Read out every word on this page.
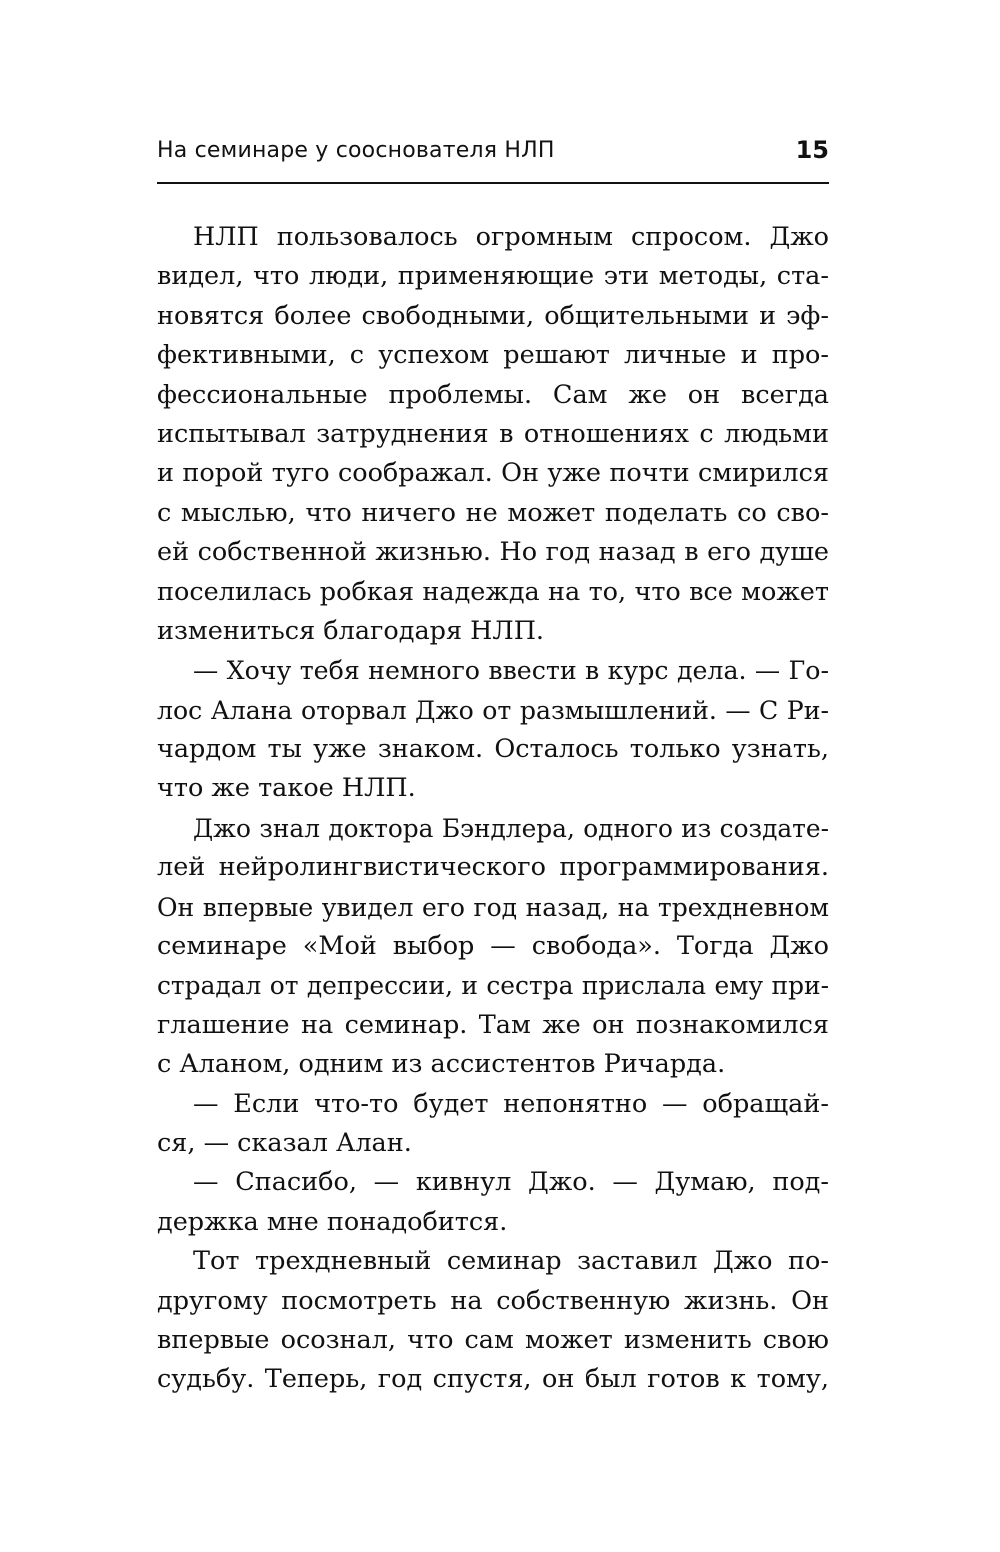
На семинаре у сооснователя НЛП	15
НЛП пользовалось огромным спросом. Джо
видел, что люди, применяющие эти методы, ста-
новятся более свободными, общительными и эф-
фективными, с успехом решают личные и про-
фессиональные проблемы. Сам же он всегда
испытывал затруднения в отношениях с людьми
и порой туго соображал. Он уже почти смирился
с мыслью, что ничего не может поделать со сво-
ей собственной жизнью. Но год назад в его душе
поселилась робкая надежда на то, что все может
измениться благодаря НЛП.
— Хочу тебя немного ввести в курс дела. — Го-
лос Алана оторвал Джо от размышлений. — С Ри-
чардом ты уже знаком. Осталось только узнать,
что же такое НЛП.
Джо знал доктора Бэндлера, одного из создате-
лей нейролингвистического программирования.
Он впервые увидел его год назад, на трехдневном
семинаре «Мой выбор — свобода». Тогда Джо
страдал от депрессии, и сестра прислала ему при-
глашение на семинар. Там же он познакомился
с Аланом, одним из ассистентов Ричарда.
— Если что-то будет непонятно — обращай-
ся, — сказал Алан.
— Спасибо, — кивнул Джо. — Думаю, под-
держка мне понадобится.
Тот трехдневный семинар заставил Джо по-
другому посмотреть на собственную жизнь. Он
впервые осознал, что сам может изменить свою
судьбу. Теперь, год спустя, он был готов к тому,
